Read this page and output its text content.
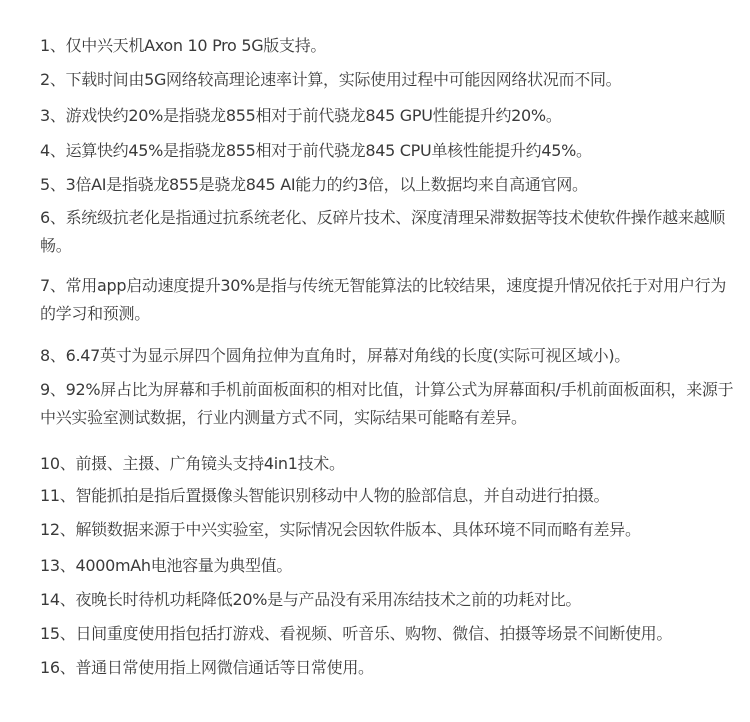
1、仅中兴天机Axon 10 Pro 5G版支持。

2、下载时间由5G网络较高理论速率计算，实际使用过程中可能因网络状况而不同。

3、游戏快约20%是指骁龙855相对于前代骁龙845 GPU性能提升约20%。

4、运算快约45%是指骁龙855相对于前代骁龙845 CPU单核性能提升约45%。

5、3倍AI是指骁龙855是骁龙845 AI能力的约3倍，以上数据均来自高通官网。

6、系统级抗老化是指通过抗系统老化、反碎片技术、深度清理呆滞数据等技术使软件操作越来越顺畅。

7、常用app启动速度提升30%是指与传统无智能算法的比较结果，速度提升情况依托于对用户行为的学习和预测。

8、6.47英寸为显示屏四个圆角拉伸为直角时，屏幕对角线的长度(实际可视区域小)。

9、92%屏占比为屏幕和手机前面板面积的相对比值，计算公式为屏幕面积/手机前面板面积，来源于中兴实验室测试数据，行业内测量方式不同，实际结果可能略有差异。

10、前摄、主摄、广角镜头支持4in1技术。

11、智能抓拍是指后置摄像头智能识别移动中人物的脸部信息，并自动进行拍摄。

12、解锁数据来源于中兴实验室，实际情况会因软件版本、具体环境不同而略有差异。

13、4000mAh电池容量为典型值。

14、夜晚长时待机功耗降低20%是与产品没有采用冻结技术之前的功耗对比。

15、日间重度使用指包括打游戏、看视频、听音乐、购物、微信、拍摄等场景不间断使用。

16、普通日常使用指上网微信通话等日常使用。
